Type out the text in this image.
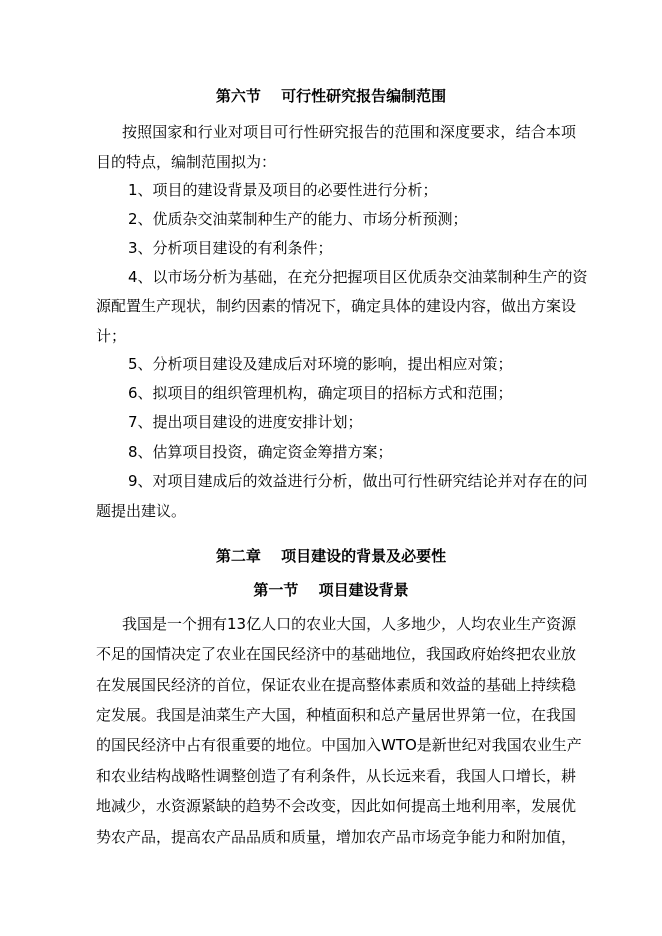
第六节　 可行性研究报告编制范围
按照国家和行业对项目可行性研究报告的范围和深度要求，结合本项
目的特点，编制范围拟为：
1、项目的建设背景及项目的必要性进行分析；
2、优质杂交油菜制种生产的能力、市场分析预测；
3、分析项目建设的有利条件；
4、以市场分析为基础，在充分把握项目区优质杂交油菜制种生产的资
源配置生产现状，制约因素的情况下，确定具体的建设内容，做出方案设
计；
5、分析项目建设及建成后对环境的影响，提出相应对策；
6、拟项目的组织管理机构，确定项目的招标方式和范围；
7、提出项目建设的进度安排计划；
8、估算项目投资，确定资金筹措方案；
9、对项目建成后的效益进行分析，做出可行性研究结论并对存在的问
题提出建议。
第二章　 项目建设的背景及必要性
第一节　 项目建设背景
我国是一个拥有13亿人口的农业大国，人多地少，人均农业生产资源
不足的国情决定了农业在国民经济中的基础地位，我国政府始终把农业放
在发展国民经济的首位，保证农业在提高整体素质和效益的基础上持续稳
定发展。我国是油菜生产大国，种植面积和总产量居世界第一位，在我国
的国民经济中占有很重要的地位。中国加入WTO是新世纪对我国农业生产
和农业结构战略性调整创造了有利条件，从长远来看，我国人口增长，耕
地减少，水资源紧缺的趋势不会改变，因此如何提高土地利用率，发展优
势农产品，提高农产品品质和质量，增加农产品市场竞争能力和附加值，
